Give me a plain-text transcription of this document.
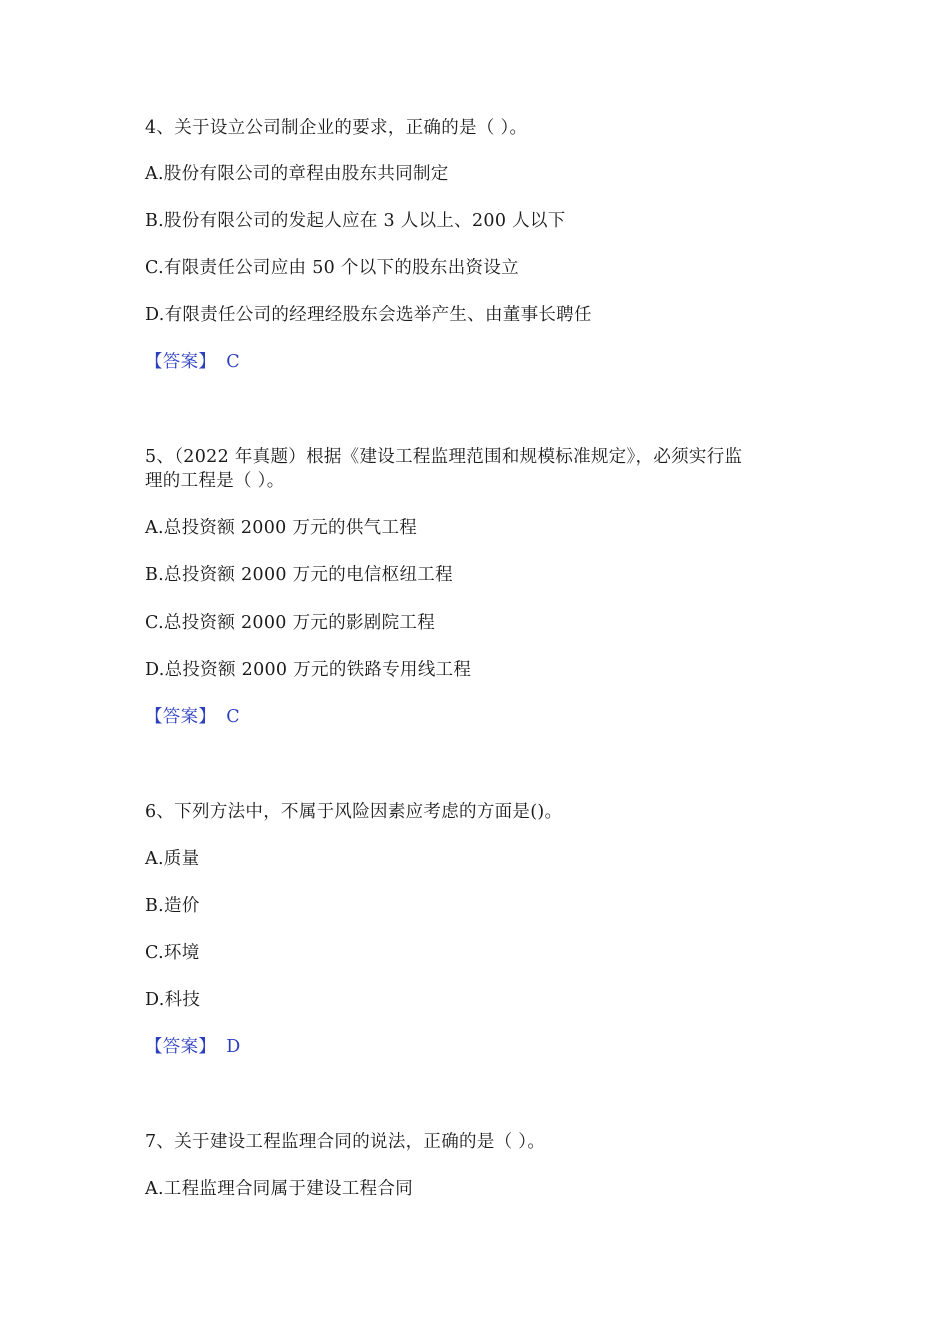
4、关于设立公司制企业的要求，正确的是（ ）。
A.股份有限公司的章程由股东共同制定
B.股份有限公司的发起人应在 3 人以上、200 人以下
C.有限责任公司应由 50 个以下的股东出资设立
D.有限责任公司的经理经股东会选举产生、由董事长聘任
【答案】 C
5、（2022 年真题）根据《建设工程监理范围和规模标准规定》，必须实行监
理的工程是（ ）。
A.总投资额 2000 万元的供气工程
B.总投资额 2000 万元的电信枢纽工程
C.总投资额 2000 万元的影剧院工程
D.总投资额 2000 万元的铁路专用线工程
【答案】 C
6、下列方法中，不属于风险因素应考虑的方面是()。
A.质量
B.造价
C.环境
D.科技
【答案】 D
7、关于建设工程监理合同的说法，正确的是（ ）。
A.工程监理合同属于建设工程合同
